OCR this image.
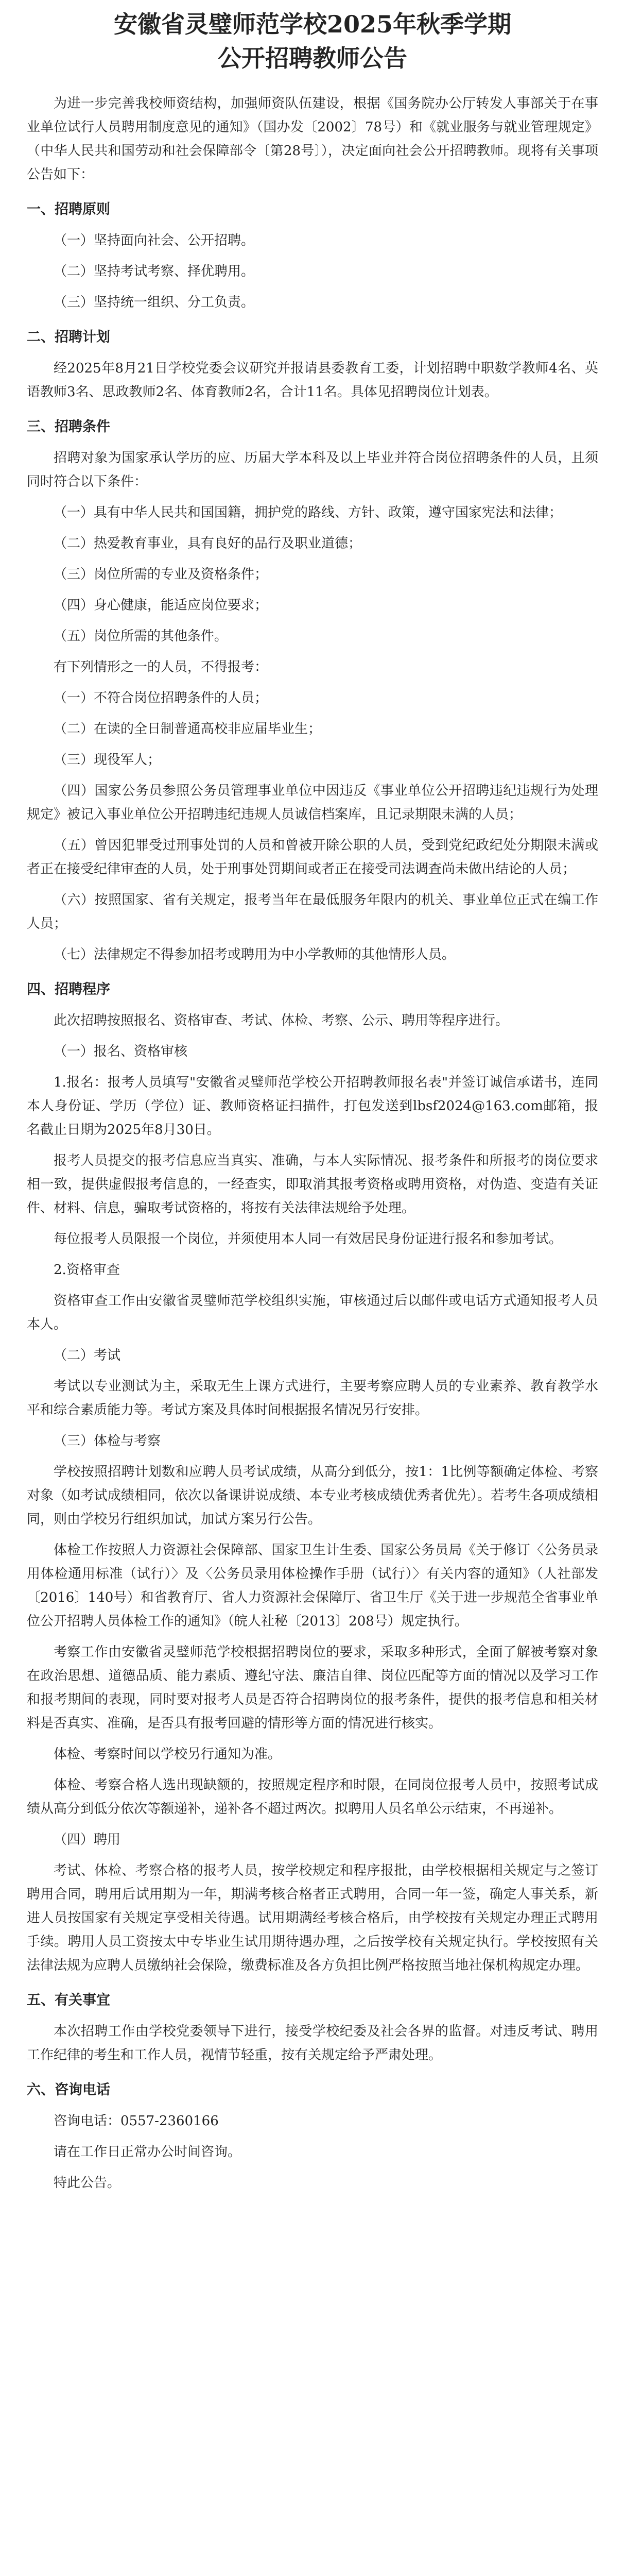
安徽省灵璧师范学校2025年秋季学期
公开招聘教师公告

为进一步完善我校师资结构，加强师资队伍建设，根据《国务院办公厅转发人事部关于在事业单位试行人员聘用制度意见的通知》（国办发〔2002〕78号）和《就业服务与就业管理规定》（中华人民共和国劳动和社会保障部令〔第28号〕），决定面向社会公开招聘教师。现将有关事项公告如下：

一、招聘原则

（一）坚持面向社会、公开招聘。

（二）坚持考试考察、择优聘用。

（三）坚持统一组织、分工负责。

二、招聘计划

经2025年8月21日学校党委会议研究并报请县委教育工委，计划招聘中职数学教师4名、英语教师3名、思政教师2名、体育教师2名，合计11名。具体见招聘岗位计划表。

三、招聘条件

招聘对象为国家承认学历的应、历届大学本科及以上毕业并符合岗位招聘条件的人员，且须同时符合以下条件：

（一）具有中华人民共和国国籍，拥护党的路线、方针、政策，遵守国家宪法和法律；

（二）热爱教育事业，具有良好的品行及职业道德；

（三）岗位所需的专业及资格条件；

（四）身心健康，能适应岗位要求；

（五）岗位所需的其他条件。

有下列情形之一的人员，不得报考：

（一）不符合岗位招聘条件的人员；

（二）在读的全日制普通高校非应届毕业生；

（三）现役军人；

（四）国家公务员参照公务员管理事业单位中因违反《事业单位公开招聘违纪违规行为处理规定》被记入事业单位公开招聘违纪违规人员诚信档案库，且记录期限未满的人员；

（五）曾因犯罪受过刑事处罚的人员和曾被开除公职的人员，受到党纪政纪处分期限未满或者正在接受纪律审查的人员，处于刑事处罚期间或者正在接受司法调查尚未做出结论的人员；

（六）按照国家、省有关规定，报考当年在最低服务年限内的机关、事业单位正式在编工作人员；

（七）法律规定不得参加招考或聘用为中小学教师的其他情形人员。

四、招聘程序

此次招聘按照报名、资格审查、考试、体检、考察、公示、聘用等程序进行。

（一）报名、资格审核

1.报名：报考人员填写"安徽省灵璧师范学校公开招聘教师报名表"并签订诚信承诺书，连同本人身份证、学历（学位）证、教师资格证扫描件，打包发送到lbsf2024@163.com邮箱，报名截止日期为2025年8月30日。

报考人员提交的报考信息应当真实、准确，与本人实际情况、报考条件和所报考的岗位要求相一致，提供虚假报考信息的，一经查实，即取消其报考资格或聘用资格，对伪造、变造有关证件、材料、信息，骗取考试资格的，将按有关法律法规给予处理。

每位报考人员限报一个岗位，并须使用本人同一有效居民身份证进行报名和参加考试。

2.资格审查

资格审查工作由安徽省灵璧师范学校组织实施，审核通过后以邮件或电话方式通知报考人员本人。

（二）考试

考试以专业测试为主，采取无生上课方式进行，主要考察应聘人员的专业素养、教育教学水平和综合素质能力等。考试方案及具体时间根据报名情况另行安排。

（三）体检与考察

学校按照招聘计划数和应聘人员考试成绩，从高分到低分，按1：1比例等额确定体检、考察对象（如考试成绩相同，依次以备课讲说成绩、本专业考核成绩优秀者优先）。若考生各项成绩相同，则由学校另行组织加试，加试方案另行公告。

体检工作按照人力资源社会保障部、国家卫生计生委、国家公务员局《关于修订〈公务员录用体检通用标准（试行）〉及〈公务员录用体检操作手册（试行）〉有关内容的通知》（人社部发〔2016〕140号）和省教育厅、省人力资源社会保障厅、省卫生厅《关于进一步规范全省事业单位公开招聘人员体检工作的通知》（皖人社秘〔2013〕208号）规定执行。

考察工作由安徽省灵璧师范学校根据招聘岗位的要求，采取多种形式，全面了解被考察对象在政治思想、道德品质、能力素质、遵纪守法、廉洁自律、岗位匹配等方面的情况以及学习工作和报考期间的表现，同时要对报考人员是否符合招聘岗位的报考条件，提供的报考信息和相关材料是否真实、准确，是否具有报考回避的情形等方面的情况进行核实。

体检、考察时间以学校另行通知为准。

体检、考察合格人选出现缺额的，按照规定程序和时限，在同岗位报考人员中，按照考试成绩从高分到低分依次等额递补，递补各不超过两次。拟聘用人员名单公示结束，不再递补。

（四）聘用

考试、体检、考察合格的报考人员，按学校规定和程序报批，由学校根据相关规定与之签订聘用合同，聘用后试用期为一年，期满考核合格者正式聘用，合同一年一签，确定人事关系，新进人员按国家有关规定享受相关待遇。试用期满经考核合格后，由学校按有关规定办理正式聘用手续。聘用人员工资按太中专毕业生试用期待遇办理，之后按学校有关规定执行。学校按照有关法律法规为应聘人员缴纳社会保险，缴费标准及各方负担比例严格按照当地社保机构规定办理。

五、有关事宜

本次招聘工作由学校党委领导下进行，接受学校纪委及社会各界的监督。对违反考试、聘用工作纪律的考生和工作人员，视情节轻重，按有关规定给予严肃处理。

六、咨询电话

咨询电话：0557-2360166

请在工作日正常办公时间咨询。

特此公告。
